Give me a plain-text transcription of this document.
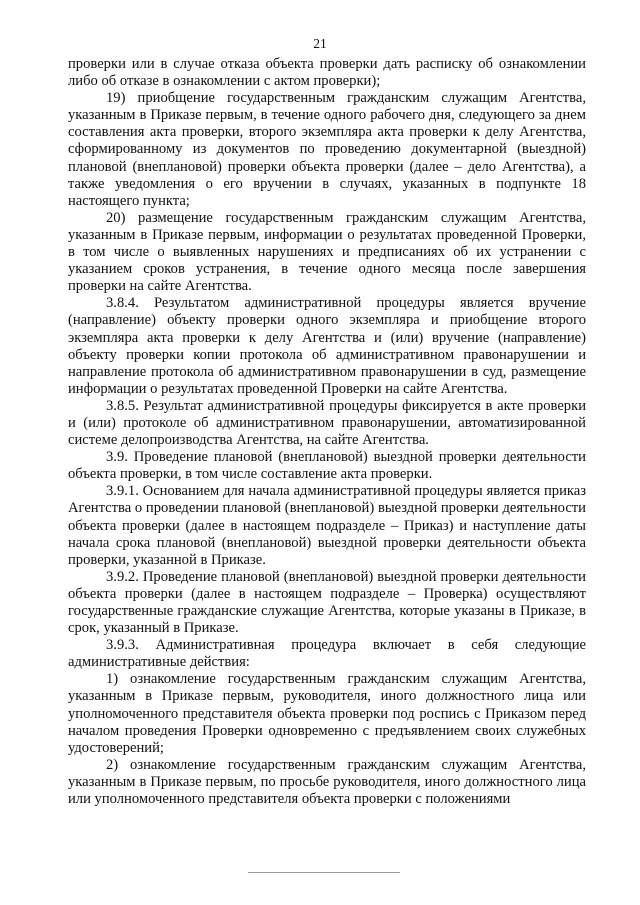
21

проверки или в случае отказа объекта проверки дать расписку об ознакомлении либо об отказе в ознакомлении с актом проверки);

19) приобщение государственным гражданским служащим Агентства, указанным в Приказе первым, в течение одного рабочего дня, следующего за днем составления акта проверки, второго экземпляра акта проверки к делу Агентства, сформированному из документов по проведению документарной (выездной) плановой (внеплановой) проверки объекта проверки (далее – дело Агентства), а также уведомления о его вручении в случаях, указанных в подпункте 18 настоящего пункта;

20) размещение государственным гражданским служащим Агентства, указанным в Приказе первым, информации о результатах проведенной Проверки, в том числе о выявленных нарушениях и предписаниях об их устранении с указанием сроков устранения, в течение одного месяца после завершения проверки на сайте Агентства.

3.8.4. Результатом административной процедуры является вручение (направление) объекту проверки одного экземпляра и приобщение второго экземпляра акта проверки к делу Агентства и (или) вручение (направление) объекту проверки копии протокола об административном правонарушении и направление протокола об административном правонарушении в суд, размещение информации о результатах проведенной Проверки на сайте Агентства.

3.8.5. Результат административной процедуры фиксируется в акте проверки и (или) протоколе об административном правонарушении, автоматизированной системе делопроизводства Агентства, на сайте Агентства.

3.9. Проведение плановой (внеплановой) выездной проверки деятельности объекта проверки, в том числе составление акта проверки.

3.9.1. Основанием для начала административной процедуры является приказ Агентства о проведении плановой (внеплановой) выездной проверки деятельности объекта проверки (далее в настоящем подразделе – Приказ) и наступление даты начала срока плановой (внеплановой) выездной проверки деятельности объекта проверки, указанной в Приказе.

3.9.2. Проведение плановой (внеплановой) выездной проверки деятельности объекта проверки (далее в настоящем подразделе – Проверка) осуществляют государственные гражданские служащие Агентства, которые указаны в Приказе, в срок, указанный в Приказе.

3.9.3. Административная процедура включает в себя следующие административные действия:

1) ознакомление государственным гражданским служащим Агентства, указанным в Приказе первым, руководителя, иного должностного лица или уполномоченного представителя объекта проверки под роспись с Приказом перед началом проведения Проверки одновременно с предъявлением своих служебных удостоверений;

2) ознакомление государственным гражданским служащим Агентства, указанным в Приказе первым, по просьбе руководителя, иного должностного лица или уполномоченного представителя объекта проверки с положениями
